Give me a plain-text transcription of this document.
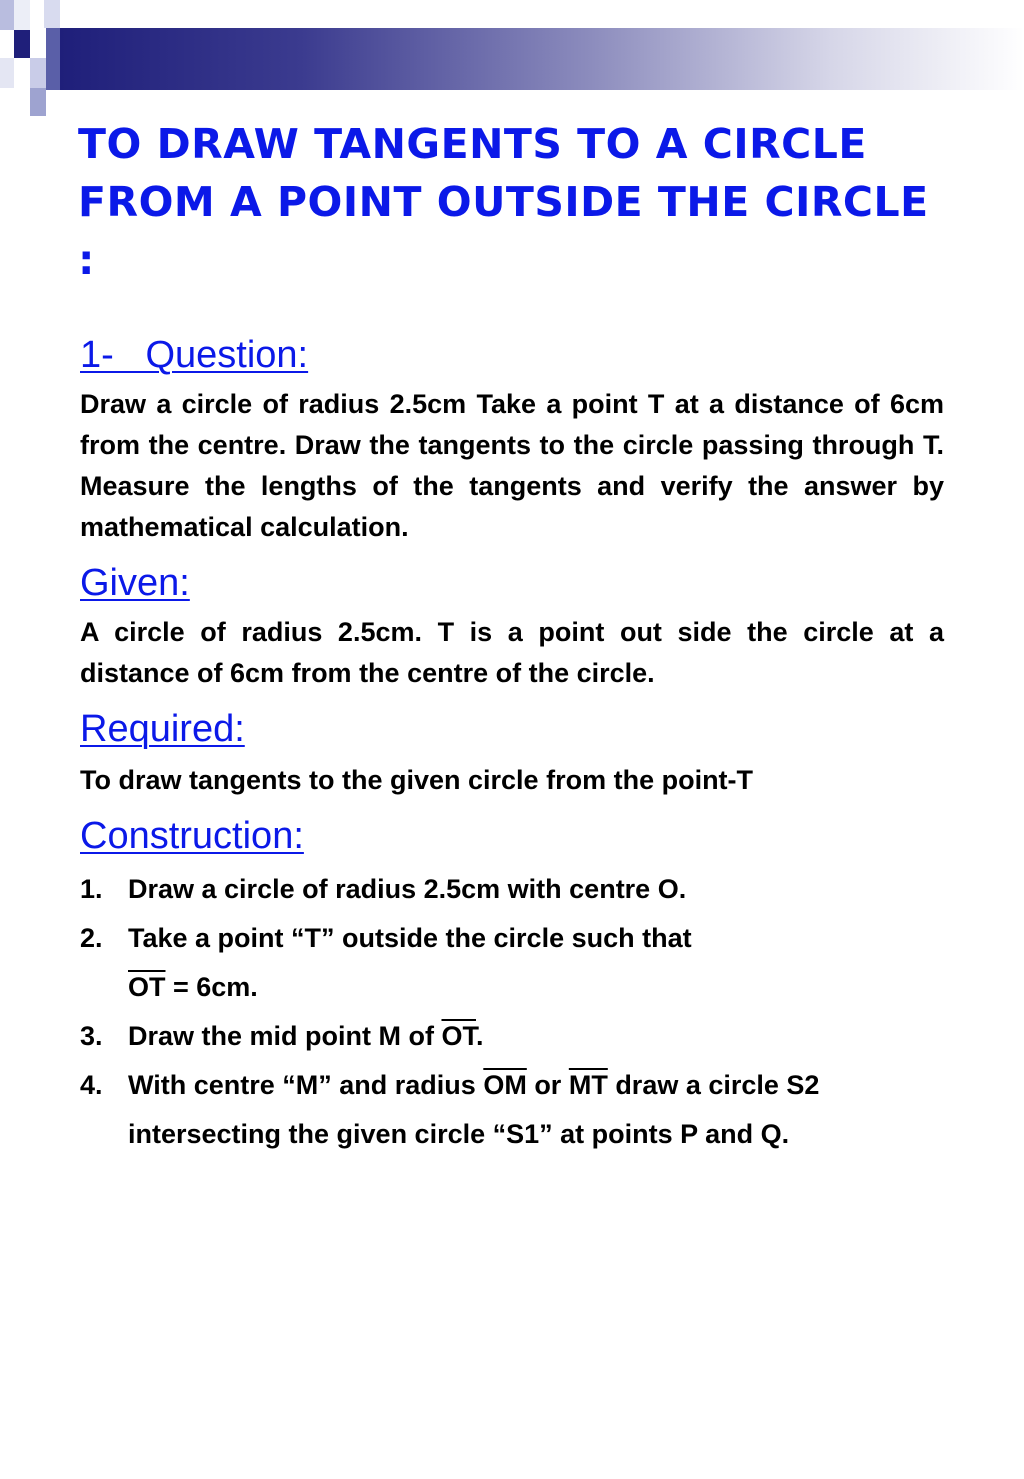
TO DRAW TANGENTS TO A CIRCLE FROM A POINT OUTSIDE THE CIRCLE :
1-   Question:

Draw a circle of radius 2.5cm Take a point T at a distance of 6cm from the centre. Draw the tangents to the circle passing through T. Measure the lengths of the tangents and verify the answer by mathematical calculation.

Given:

A circle of radius 2.5cm. T is a point out side the circle at a distance of 6cm from the centre of the circle.

Required:

To draw tangents to the given circle from the point-T

Construction:
1. Draw a circle of radius 2.5cm with centre O.
2. Take a point “T” outside the circle such that
$\overline{OT} = 6cm$.
3. Draw the mid point M of $\overline{OT}$.
4. With centre “M” and radius $\overline{OM}$ or $\overline{MT}$ draw a circle S2 intersecting the given circle “S1” at points P and Q.
